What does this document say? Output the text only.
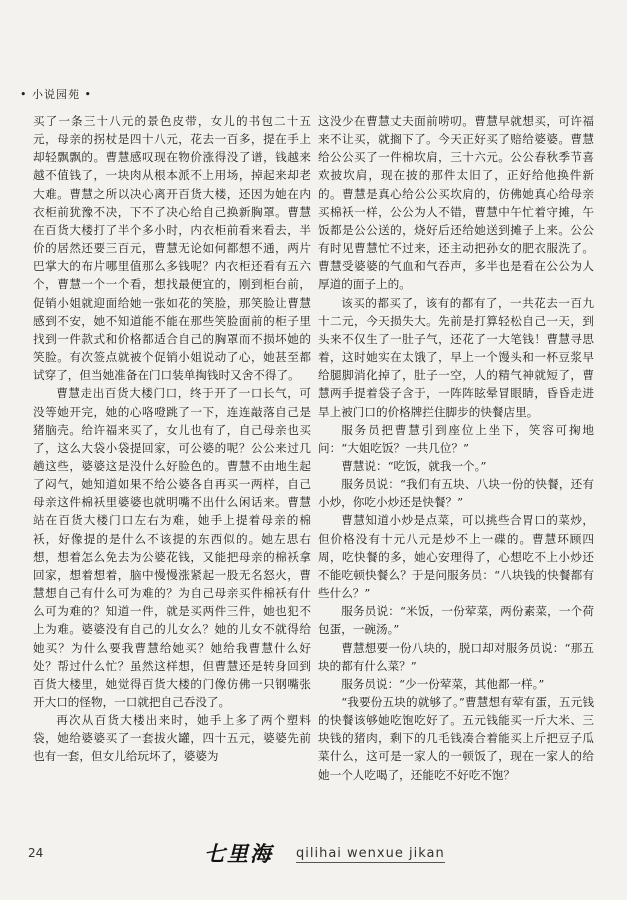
• 小说园苑 •

买了一条三十八元的景色皮带，女儿的书包二十五元，母亲的拐杖是四十八元，花去一百多，提在手上却轻飘飘的。曹慧感叹现在物价涨得没了谱，钱越来越不值钱了，一块肉从根本派不上用场，掉起来却老大难。曹慧之所以决心离开百货大楼，还因为她在内衣柜前犹豫不决，下不了决心给自己换新胸罩。曹慧在百货大楼打了半个多小时，内衣柜前看来看去，半价的居然还要三百元，曹慧无论如何都想不通，两片巴掌大的布片哪里值那么多钱呢？内衣柜还看有五六个，曹慧一个一个看，想找最便宜的，刚到柜台前，促销小姐就迎面给她一张如花的笑脸，那笑脸让曹慧感到不安，她不知道能不能在那些笑脸面前的柜子里找到一件款式和价格都适合自己的胸罩而不损坏她的笑脸。有次签点就被个促销小姐说动了心，她甚至都试穿了，但当她准备在门口装单掏钱时又舍不得了。

曹慧走出百货大楼门口，终于开了一口长气，可没等她开完，她的心咯噔跳了一下，连连敲落自己是猪脑壳。给许福来买了，女儿也有了，自己母亲也买了，这么大袋小袋提回家，可公婆的呢？公公来过几趟这些，婆婆这是没什么好脸色的。曹慧不由地生起了闷气，她知道如果不给公婆各自再买一两样，自己母亲这件棉袄里婆婆也就明嘴不出什么闲话来。曹慧站在百货大楼门口左右为难，她手上提着母亲的棉袄，好像提的是什么不该提的东西似的。她左思右想，想着怎么免去为公婆花钱，又能把母亲的棉袄拿回家，想着想着，脑中慢慢涨紧起一股无名怒火，曹慧想自己有什么可为难的？为自己母亲买件棉袄有什么可为难的？知道一件，就是买两件三件，她也犯不上为难。婆婆没有自己的儿女么？她的儿女不就得给她买？为什么要我曹慧给她买？她给我曹慧什么好处？帮过什么忙？虽然这样想，但曹慧还是转身回到百货大楼里，她觉得百货大楼的门像仿佛一只钢嘴张开大口的怪物，一口就把自己吞没了。

再次从百货大楼出来时，她手上多了两个塑料袋，她给婆婆买了一套拔火罐，四十五元，婆婆先前也有一套，但女儿给玩坏了，婆婆为

这没少在曹慧丈夫面前唠叨。曹慧早就想买，可许福来不让买，就搁下了。今天正好买了赔给婆婆。曹慧给公公买了一件棉坎肩，三十六元。公公春秋季节喜欢披坎肩，现在披的那件太旧了，正好给他换件新的。曹慧是真心给公公买坎肩的，仿佛她真心给母亲买棉袄一样，公公为人不错，曹慧中午忙着守摊，午饭都是公公送的，烧好后还给她送到摊子上来。公公有时见曹慧忙不过来，还主动把孙女的肥衣服洗了。曹慧受婆婆的气血和气吞声，多半也是看在公公为人厚道的面子上的。

该买的都买了，该有的都有了，一共花去一百九十二元，今天损失大。先前是打算轻松自己一天，到头来不仅生了一肚子气，还花了一大笔钱！曹慧寻思着，这时她实在太饿了，早上一个馒头和一杯豆浆早给腿脚消化掉了，肚子一空，人的精气神就短了，曹慧两手提着袋子含于，一阵阵眩晕冒眼睛，昏昏走进旱上被门口的价格牌拦住脚步的快餐店里。

服务员把曹慧引到座位上坐下，笑容可掬地问：“大姐吃饭？一共几位？”

曹慧说：“吃饭，就我一个。”

服务员说：“我们有五块、八块一份的快餐，还有小炒，你吃小炒还是快餐？”

曹慧知道小炒是点菜，可以挑些合胃口的菜炒，但价格没有十元八元是炒不上一碟的。曹慧环顾四周，吃快餐的多，她心安理得了，心想吃不上小炒还不能吃顿快餐么？于是问服务员：“八块钱的快餐都有些什么？”

服务员说：“米饭，一份荤菜，两份素菜，一个荷包蛋，一碗汤。”

曹慧想要一份八块的，脱口却对服务员说：“那五块的都有什么菜？”

服务员说：“少一份荤菜，其他都一样。”

“我要份五块的就够了。”曹慧想有荤有蛋，五元钱的快餐该够她吃饱吃好了。五元钱能买一斤大米、三块钱的猪肉，剩下的几毛钱凑合着能买上斤把豆子瓜菜什么，这可是一家人的一顿饭了，现在一家人的给她一个人吃喝了，还能吃不好吃不饱？

24	七里海 qilihai wenxue jikan
